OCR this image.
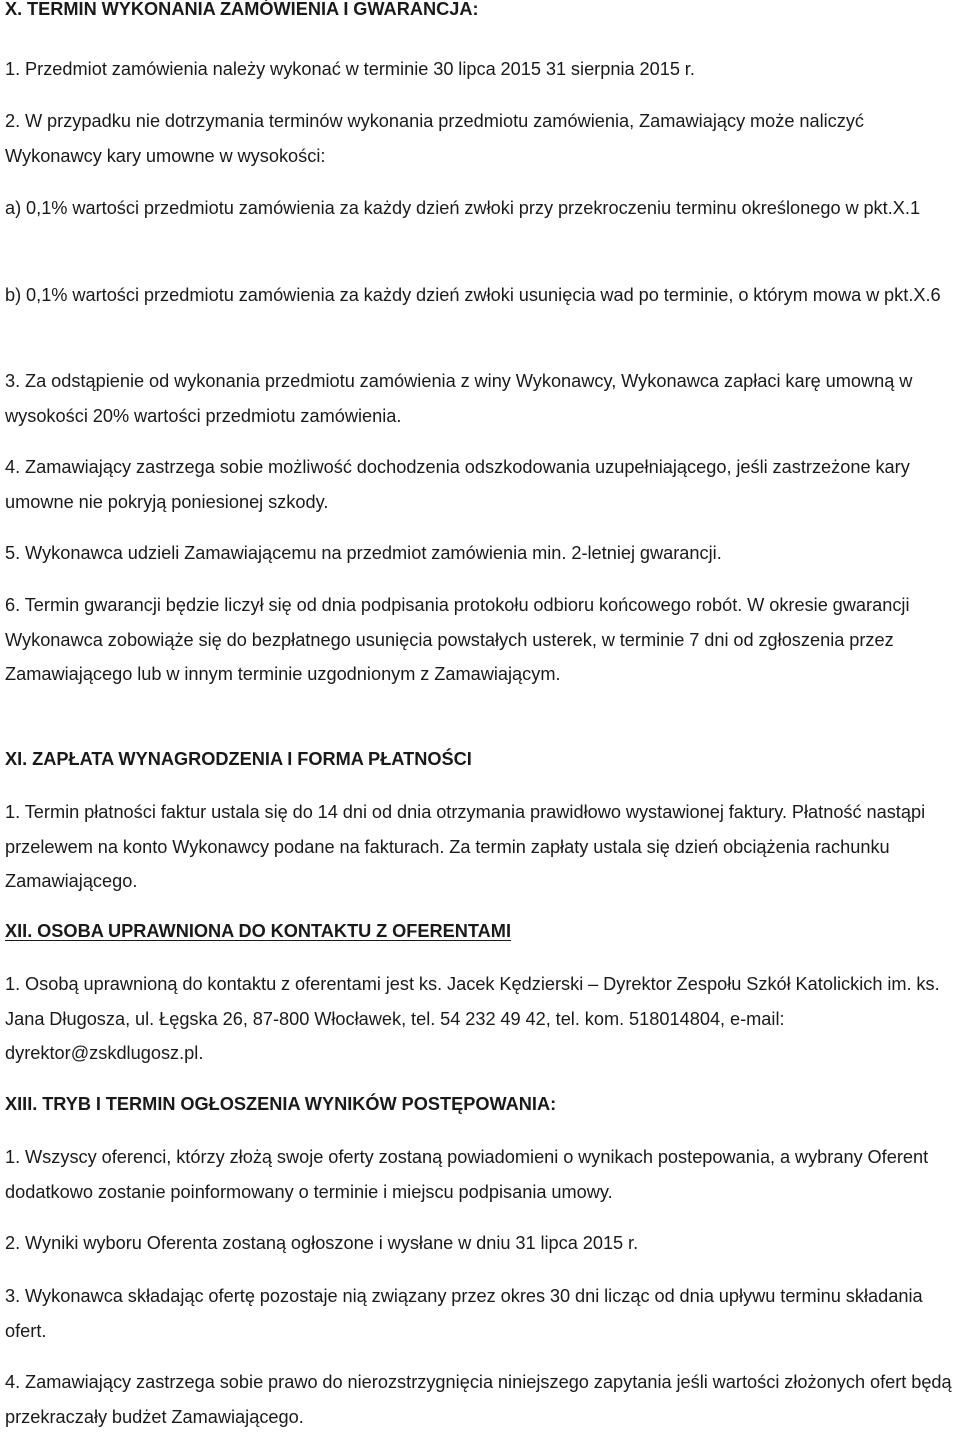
X. TERMIN WYKONANIA ZAMÓWIENIA I GWARANCJA:

1. Przedmiot zamówienia należy wykonać w terminie 30 lipca 2015 31 sierpnia 2015 r.

2. W przypadku nie dotrzymania terminów wykonania przedmiotu zamówienia, Zamawiający może naliczyć Wykonawcy kary umowne w wysokości:

a) 0,1% wartości przedmiotu zamówienia za każdy dzień zwłoki przy przekroczeniu terminu określonego w pkt.X.1

b) 0,1% wartości przedmiotu zamówienia za każdy dzień zwłoki usunięcia wad po terminie, o którym mowa w pkt.X.6

3. Za odstąpienie od wykonania przedmiotu zamówienia z winy Wykonawcy, Wykonawca zapłaci karę umowną w wysokości 20% wartości przedmiotu zamówienia.

4. Zamawiający zastrzega sobie możliwość dochodzenia odszkodowania uzupełniającego, jeśli zastrzeżone kary umowne nie pokryją poniesionej szkody.

5. Wykonawca udzieli Zamawiającemu na przedmiot zamówienia min. 2-letniej gwarancji.

6. Termin gwarancji będzie liczył się od dnia podpisania protokołu odbioru końcowego robót. W okresie gwarancji Wykonawca zobowiąże się do bezpłatnego usunięcia powstałych usterek, w terminie 7 dni od zgłoszenia przez Zamawiającego lub w innym terminie uzgodnionym z Zamawiającym.

XI. ZAPŁATA WYNAGRODZENIA I FORMA PŁATNOŚCI

1. Termin płatności faktur ustala się do 14 dni od dnia otrzymania prawidłowo wystawionej faktury. Płatność nastąpi przelewem na konto Wykonawcy podane na fakturach. Za termin zapłaty ustala się dzień obciążenia rachunku Zamawiającego.

XII. OSOBA UPRAWNIONA DO KONTAKTU Z OFERENTAMI

1. Osobą uprawnioną do kontaktu z oferentami jest ks. Jacek Kędzierski – Dyrektor Zespołu Szkół Katolickich im. ks. Jana Długosza, ul. Łęgska 26, 87-800 Włocławek, tel. 54 232 49 42, tel. kom. 518014804, e-mail: dyrektor@zskdlugosz.pl.

XIII. TRYB I TERMIN OGŁOSZENIA WYNIKÓW POSTĘPOWANIA:

1. Wszyscy oferenci, którzy złożą swoje oferty zostaną powiadomieni o wynikach postepowania, a wybrany Oferent dodatkowo zostanie poinformowany o terminie i miejscu podpisania umowy.

2. Wyniki wyboru Oferenta zostaną ogłoszone i wysłane w dniu 31 lipca 2015 r.

3. Wykonawca składając ofertę pozostaje nią związany przez okres 30 dni licząc od dnia upływu terminu składania ofert.

4. Zamawiający zastrzega sobie prawo do nierozstrzygnięcia niniejszego zapytania jeśli wartości złożonych ofert będą przekraczały budżet Zamawiającego.
